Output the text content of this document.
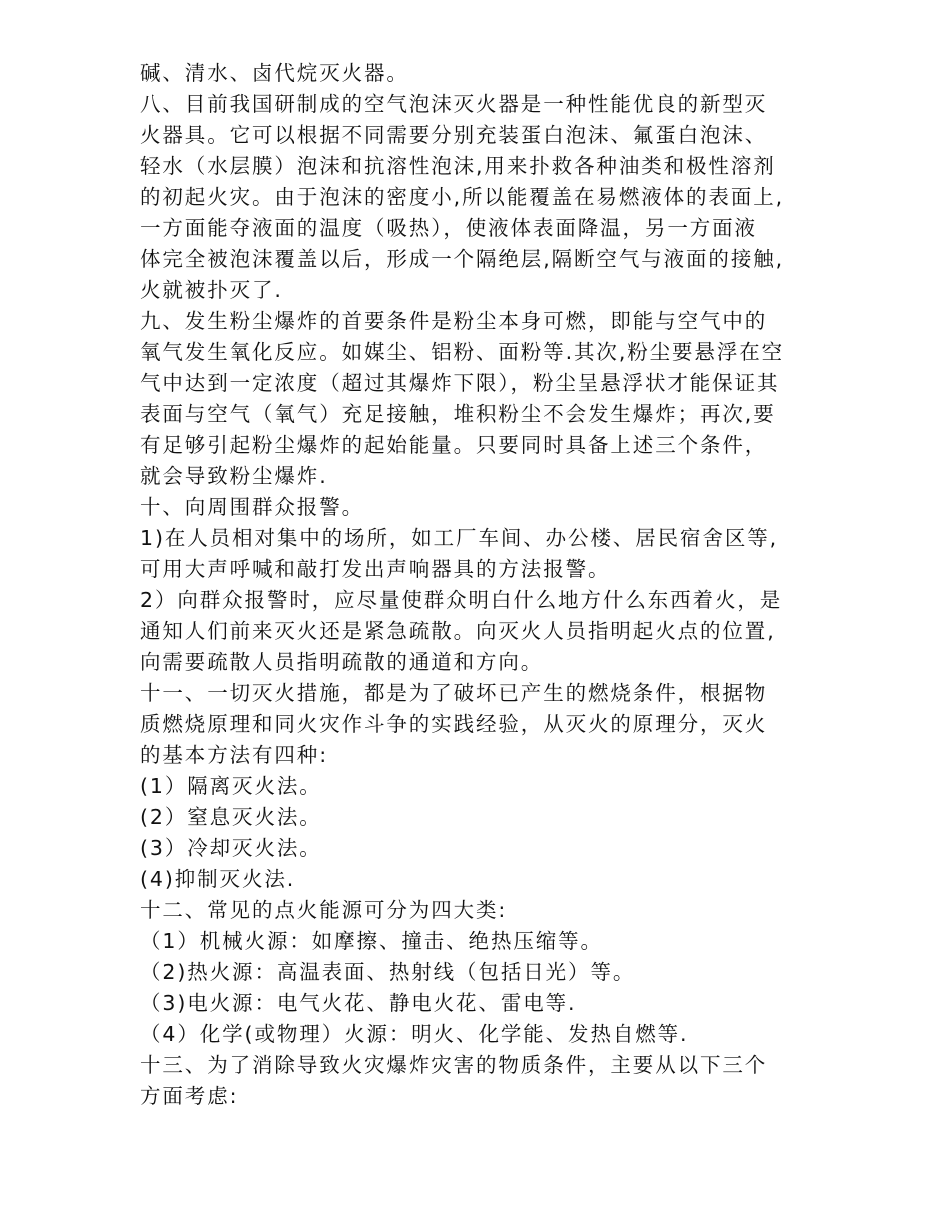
碱、清水、卤代烷灭火器。
八、目前我国研制成的空气泡沫灭火器是一种性能优良的新型灭
火器具。它可以根据不同需要分别充装蛋白泡沫、氟蛋白泡沫、
轻水（水层膜）泡沫和抗溶性泡沫,用来扑救各种油类和极性溶剂
的初起火灾。由于泡沫的密度小,所以能覆盖在易燃液体的表面上,
一方面能夺液面的温度（吸热），使液体表面降温，另一方面液
体完全被泡沫覆盖以后，形成一个隔绝层,隔断空气与液面的接触,
火就被扑灭了.
九、发生粉尘爆炸的首要条件是粉尘本身可燃，即能与空气中的
氧气发生氧化反应。如媒尘、铝粉、面粉等.其次,粉尘要悬浮在空
气中达到一定浓度（超过其爆炸下限），粉尘呈悬浮状才能保证其
表面与空气（氧气）充足接触，堆积粉尘不会发生爆炸；再次,要
有足够引起粉尘爆炸的起始能量。只要同时具备上述三个条件，
就会导致粉尘爆炸.
十、向周围群众报警。
1)在人员相对集中的场所，如工厂车间、办公楼、居民宿舍区等,
可用大声呼喊和敲打发出声响器具的方法报警。
2）向群众报警时，应尽量使群众明白什么地方什么东西着火，是
通知人们前来灭火还是紧急疏散。向灭火人员指明起火点的位置,
向需要疏散人员指明疏散的通道和方向。
十一、一切灭火措施，都是为了破坏已产生的燃烧条件，根据物
质燃烧原理和同火灾作斗争的实践经验，从灭火的原理分，灭火
的基本方法有四种:
(1）隔离灭火法。
(2）窒息灭火法。
(3）冷却灭火法。
(4)抑制灭火法.
十二、常见的点火能源可分为四大类:
（1）机械火源：如摩擦、撞击、绝热压缩等。
（2)热火源：高温表面、热射线（包括日光）等。
（3)电火源：电气火花、静电火花、雷电等.
（4）化学(或物理）火源：明火、化学能、发热自燃等.
十三、为了消除导致火灾爆炸灾害的物质条件，主要从以下三个
方面考虑:
